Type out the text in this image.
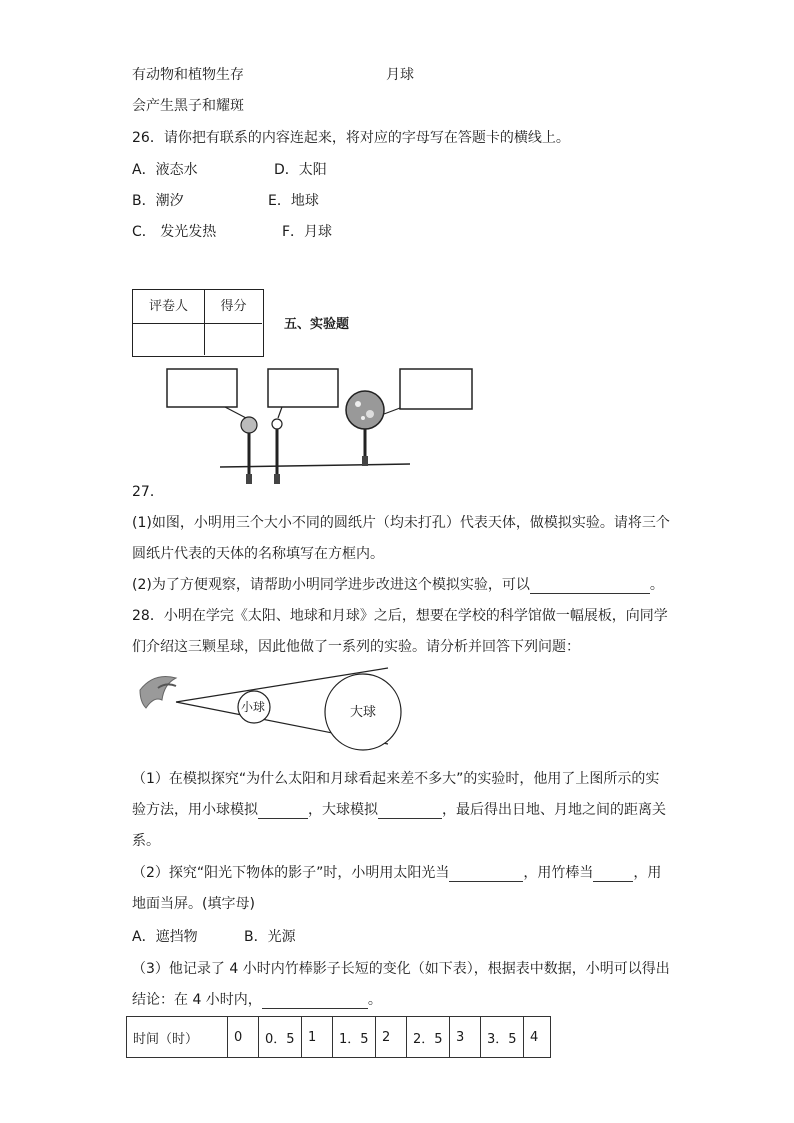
有动物和植物生存	月球
会产生黑子和耀斑
26．请你把有联系的内容连起来，将对应的字母写在答题卡的横线上。
A．液态水	D．太阳
B．潮汐	E．地球
C． 发光发热	F．月球
评卷人	得分
五、实验题
27．
(1)如图，小明用三个大小不同的圆纸片（均未打孔）代表天体，做模拟实验。请将三个
圆纸片代表的天体的名称填写在方框内。
(2)为了方便观察，请帮助小明同学进步改进这个模拟实验，可以	。
28．小明在学完《太阳、地球和月球》之后，想要在学校的科学馆做一幅展板，向同学
们介绍这三颗星球，因此他做了一系列的实验。请分析并回答下列问题：
小球	大球
（1）在模拟探究“为什么太阳和月球看起来差不多大”的实验时，他用了上图所示的实
验方法，用小球模拟	，大球模拟	，最后得出日地、月地之间的距离关
系。
（2）探究“阳光下物体的影子”时，小明用太阳光当	，用竹棒当	，用
地面当屏。(填字母)
A．遮挡物	B．光源
（3）他记录了 4 小时内竹棒影子长短的变化（如下表），根据表中数据，小明可以得出
结论：在 4 小时内，	。
时间（时）	0	0．5	1	1．5	2	2．5	3	3．5	4
